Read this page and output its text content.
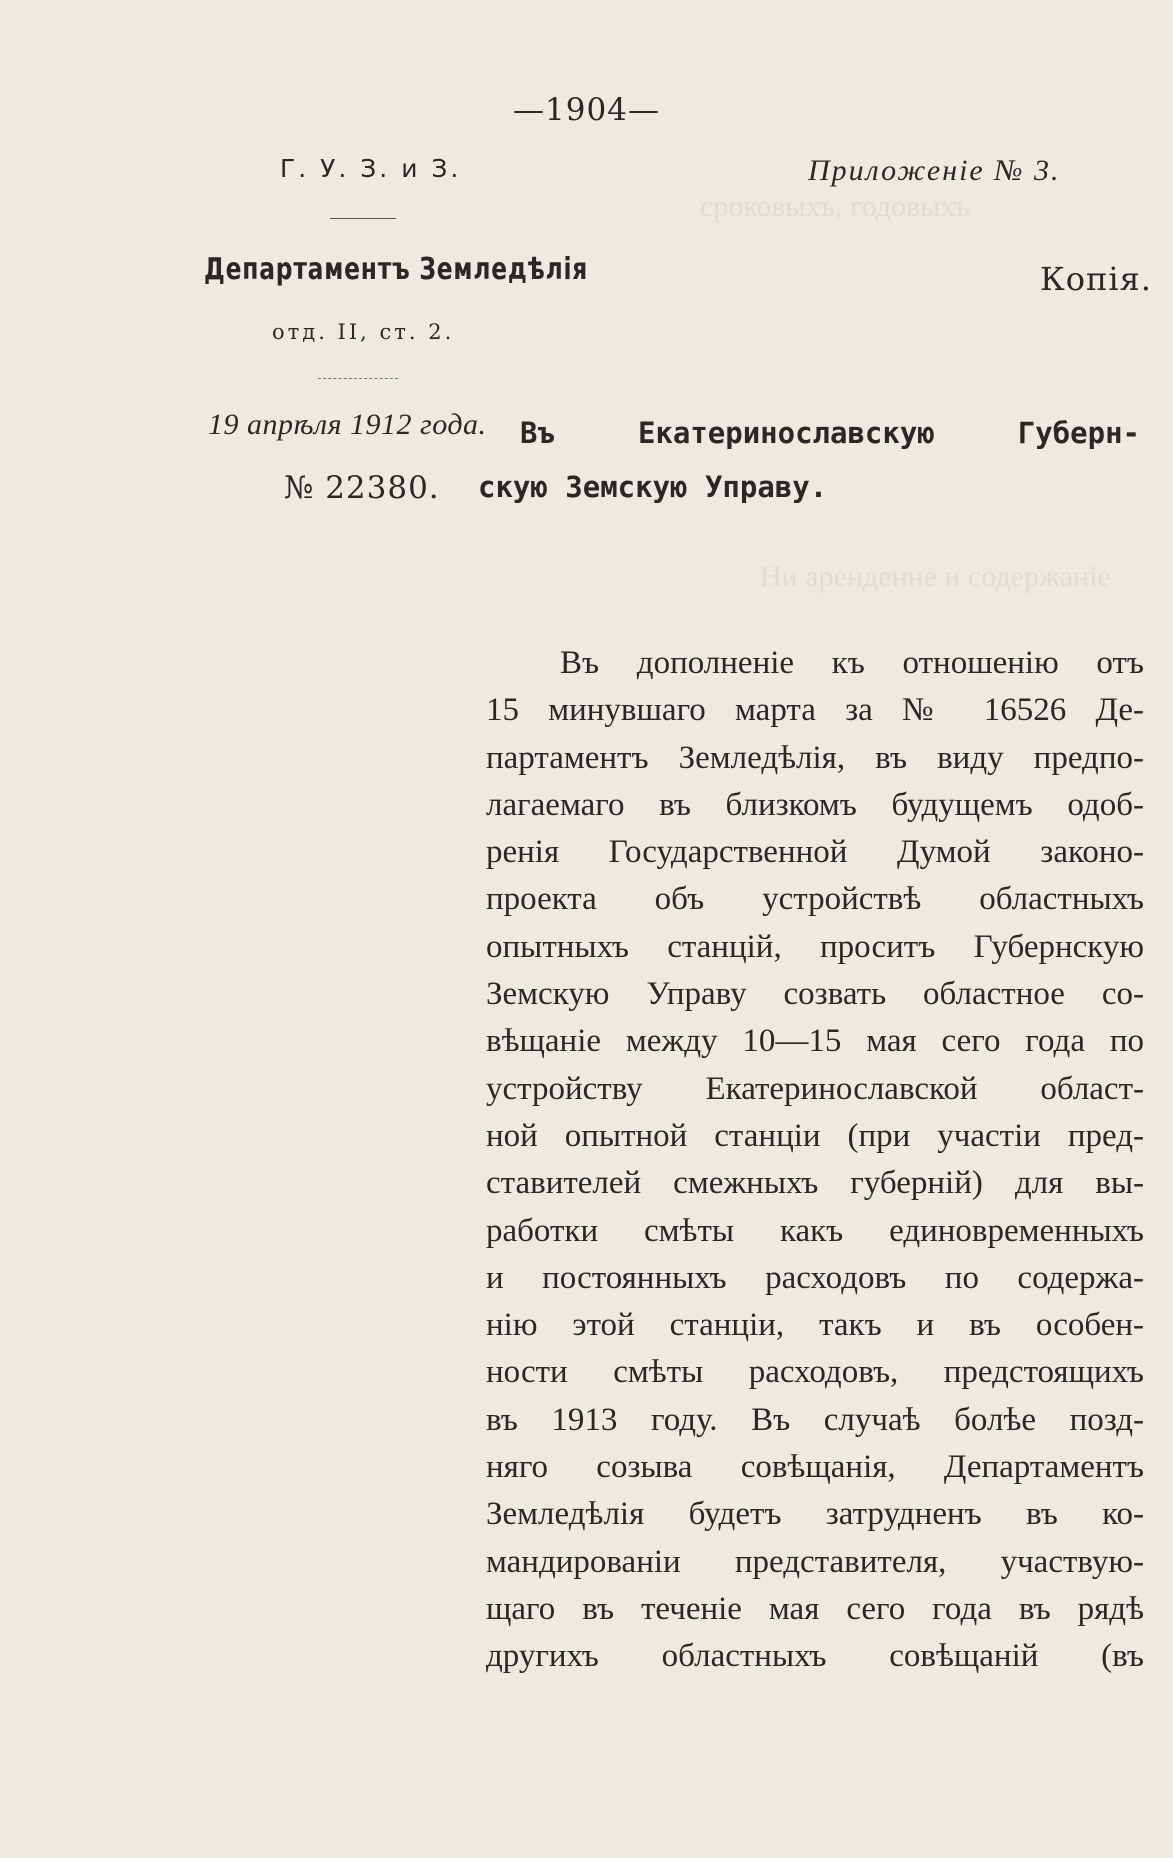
сроковыхъ, годовыхъ
Ни аренденне и содержанiе
—1904—
Г. У. З. и З.	Приложенiе № 3.
Департаментъ Земледѣлiя
отд. II, ст. 2.
Копiя.
19 апрѣля 1912 года.
№ 22380.
Въ Екатеринославскую Губерн-
скую Земскую Управу.
Въ дополненiе къ отношенiю отъ
15 минувшаго марта за № 16526 Де-
партаментъ Земледѣлiя, въ виду предпо-
лагаемаго въ близкомъ будущемъ одоб-
ренiя Государственной Думой законо-
проекта объ устройствѣ областныхъ
опытныхъ станцiй, проситъ Губернскую
Земскую Управу созвать областное со-
вѣщанiе между 10—15 мая сего года по
устройству Екатеринославской област-
ной опытной станцiи (при участiи пред-
ставителей смежныхъ губернiй) для вы-
работки смѣты какъ единовременныхъ
и постоянныхъ расходовъ по содержа-
нiю этой станцiи, такъ и въ особен-
ности смѣты расходовъ, предстоящихъ
въ 1913 году. Въ случаѣ болѣе позд-
няго созыва совѣщанiя, Департаментъ
Земледѣлiя будетъ затрудненъ въ ко-
мандированiи представителя, участвую-
щаго въ теченiе мая сего года въ рядѣ
другихъ областныхъ совѣщанiй (въ
